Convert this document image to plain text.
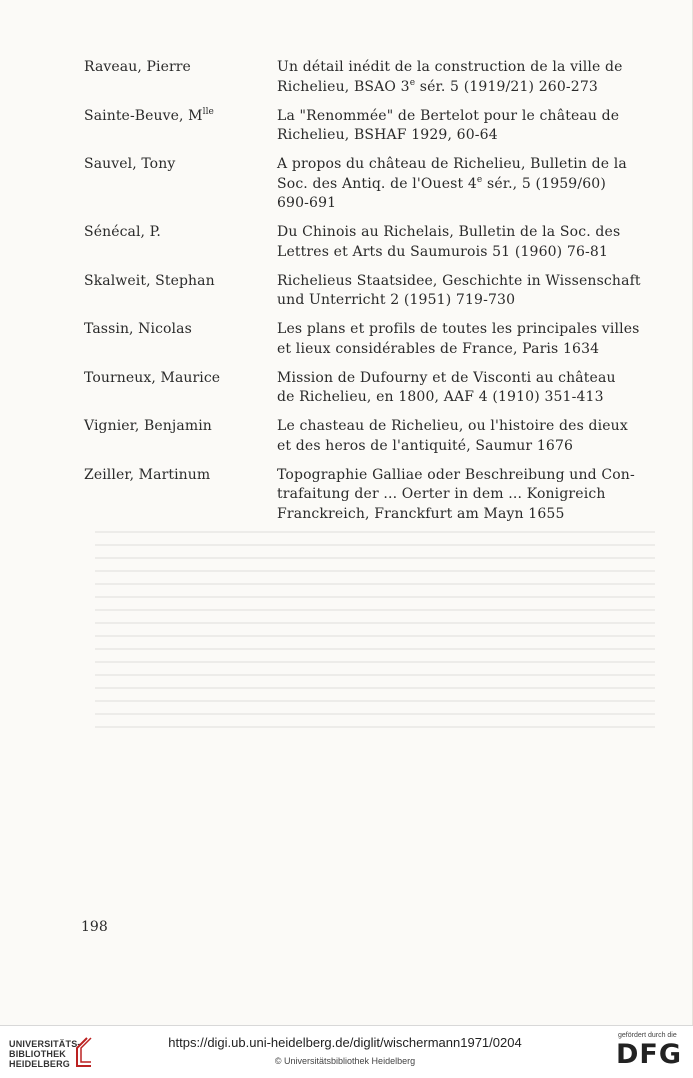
Raveau, Pierre	Un détail inédit de la construction de la ville de
Richelieu, BSAO 3e sér. 5 (1919/21) 260-273
Sainte-Beuve, $M^{lle}$	La "Renommée" de Bertelot pour le château de
Richelieu, BSHAF 1929, 60-64
Sauvel, Tony	A propos du château de Richelieu, Bulletin de la
Soc. des Antiq. de l'Ouest 4e sér., 5 (1959/60)
690-691
Sénécal, P.	Du Chinois au Richelais, Bulletin de la Soc. des
Lettres et Arts du Saumurois 51 (1960) 76-81
Skalweit, Stephan	Richelieus Staatsidee, Geschichte in Wissenschaft
und Unterricht 2 (1951) 719-730
Tassin, Nicolas	Les plans et profils de toutes les principales villes
et lieux considérables de France, Paris 1634
Tourneux, Maurice	Mission de Dufourny et de Visconti au château
de Richelieu, en 1800, AAF 4 (1910) 351-413
Vignier, Benjamin	Le chasteau de Richelieu, ou l'histoire des dieux
et des heros de l'antiquité, Saumur 1676
Zeiller, Martinum	Topographie Galliae oder Beschreibung und Con-
trafaitung der ... Oerter in dem ... Konigreich
Franckreich, Franckfurt am Mayn 1655
198
UNIVERSITÄTS-
BIBLIOTHEK
HEIDELBERG
https://digi.ub.uni-heidelberg.de/diglit/wischermann1971/0204
© Universitätsbibliothek Heidelberg
gefördert durch die
DFG
